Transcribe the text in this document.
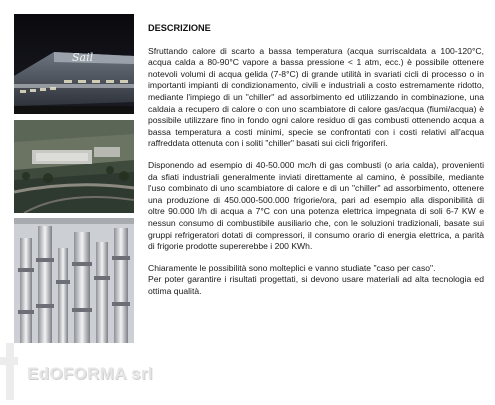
Sail
DESCRIZIONE

Sfruttando calore di scarto a bassa temperatura (acqua surriscaldata a 100-120°C, acqua calda a 80-90°C vapore a bassa pressione < 1 atm, ecc.) è possibile ottenere notevoli volumi di acqua gelida (7-8°C) di grande utilità in svariati cicli di processo o in importanti impianti di condizionamento, civili e industriali a costo estremamente ridotto, mediante l'impiego di un "chiller" ad assorbimento ed utilizzando in combinazione, una caldaia a recupero di calore o con uno scambiatore di calore gas/acqua (fiumi/acqua) è possibile utilizzare fino in fondo ogni calore residuo di gas combusti ottenendo acqua a bassa temperatura a costi minimi, specie se confrontati con i costi relativi all'acqua raffreddata ottenuta con i soliti "chiller" basati sui cicli frigoriferi.

Disponendo ad esempio di 40-50.000 mc/h di gas combusti (o aria calda), provenienti da sfiati industriali generalmente inviati direttamente al camino, è possibile, mediante l'uso combinato di uno scambiatore di calore e di un "chiller" ad assorbimento, ottenere una produzione di 450.000-500.000 frigorie/ora, pari ad esempio alla disponibilità di oltre 90.000 l/h di acqua a 7°C con una potenza elettrica impegnata di soli 6-7 KW e nessun consumo di combustibile ausiliario che, con le soluzioni tradizionali, basate sui gruppi refrigeratori dotati di compressori, il consumo orario di energia elettrica, a parità di frigorie prodotte supererebbe i 200 KWh.

Chiaramente le possibilità sono molteplici e vanno studiate "caso per caso".

Per poter garantire i risultati progettati, si devono usare materiali ad alta tecnologia ed ottima qualità.

EdOFORMA srl
